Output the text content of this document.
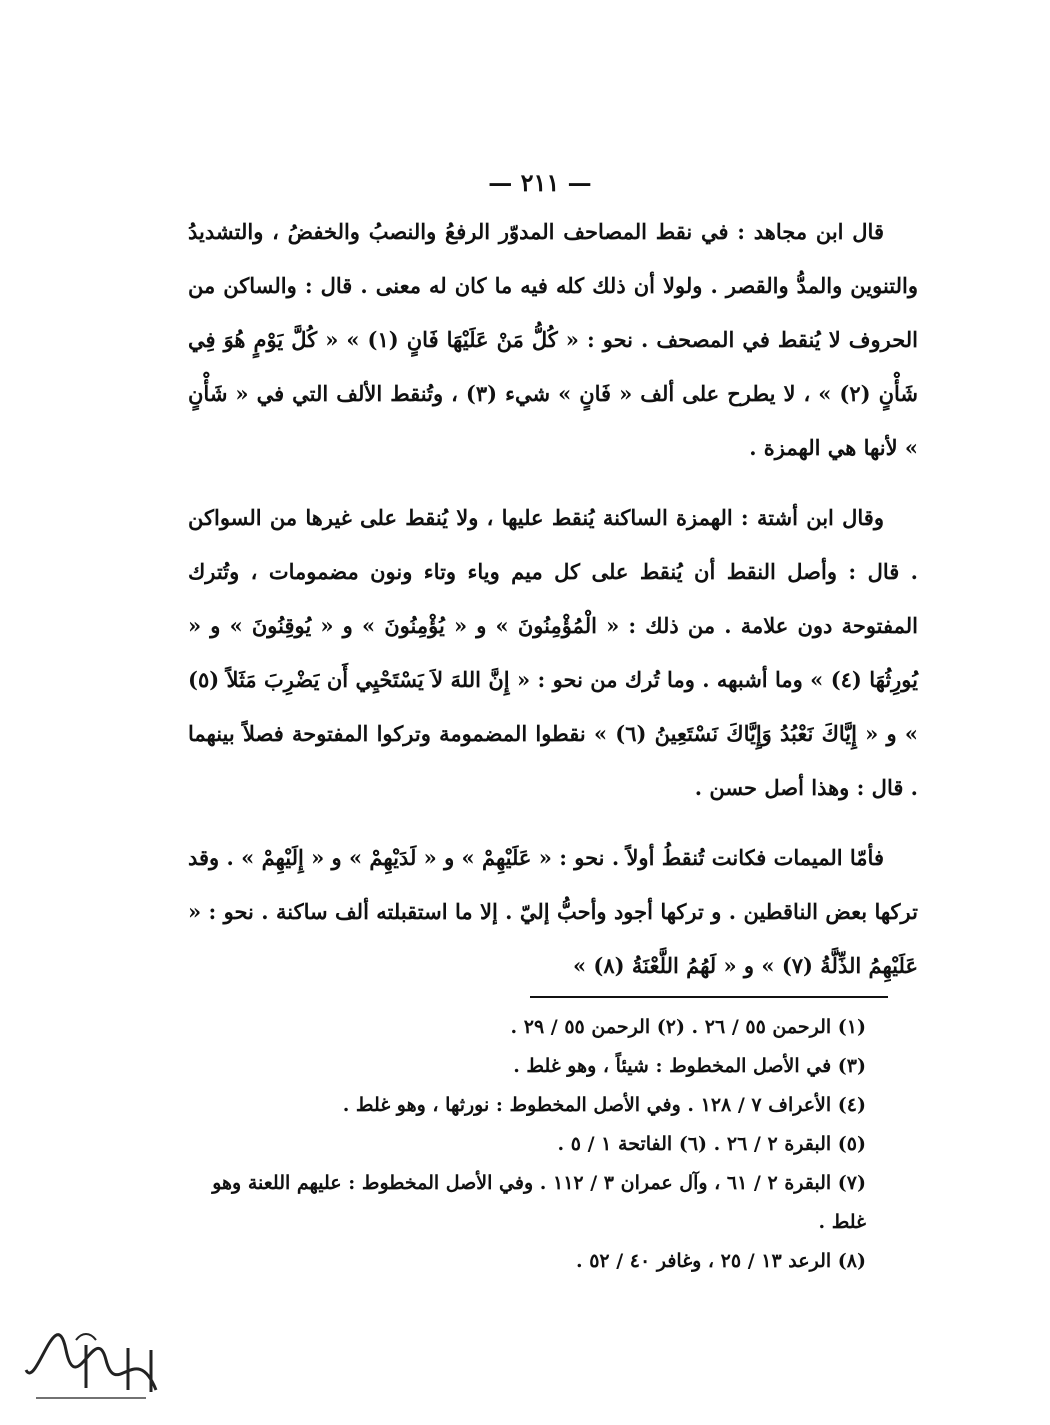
— ٢١١ —

قال ابن مجاهد : في نقط المصاحف المدوّر الرفعُ والنصبُ والخفضُ ، والتشديدُ والتنوين والمدُّ والقصر . ولولا أن ذلك كله فيه ما كان له معنى . قال : والساكن من الحروف لا يُنقط في المصحف . نحو : « كُلُّ مَنْ عَلَيْهَا فَانٍ (١) » « كُلَّ يَوْمٍ هُوَ فِي شَأْنٍ (٢) » ، لا يطرح على ألف « فَانٍ » شيء (٣) ، وتُنقط الألف التي في « شَأْنٍ » لأنها هي الهمزة .

وقال ابن أشتة : الهمزة الساكنة يُنقط عليها ، ولا يُنقط على غيرها من السواكن . قال : وأصل النقط أن يُنقط على كل ميم وياء وتاء ونون مضمومات ، وتُترك المفتوحة دون علامة . من ذلك : « الْمُؤْمِنُونَ » و « يُؤْمِنُونَ » و « يُوقِنُونَ » و « يُورِثُهَا (٤) » وما أشبهه . وما تُرك من نحو : « إِنَّ اللهَ لاَ يَسْتَحْيِي أَن يَضْرِبَ مَثَلاً (٥) » و « إِيَّاكَ نَعْبُدُ وَإِيَّاكَ نَسْتَعِينُ (٦) » نقطوا المضمومة وتركوا المفتوحة فصلاً بينهما . قال : وهذا أصل حسن .

فأمّا الميمات فكانت تُنقطُ أولاً . نحو : « عَلَيْهِمْ » و « لَدَيْهِمْ » و « إِلَيْهِمْ » . وقد تركها بعض الناقطين . و تركها أجود وأحبُّ إليّ . إلا ما استقبلته ألف ساكنة . نحو : « عَلَيْهِمُ الذِّلَّةُ (٧) » و « لَهُمُ اللَّعْنَةُ (٨) »

(١) الرحمن ٥٥ / ٢٦ . (٢) الرحمن ٥٥ / ٢٩ .
(٣) في الأصل المخطوط : شيئاً ، وهو غلط .
(٤) الأعراف ٧ / ١٢٨ . وفي الأصل المخطوط : نورثها ، وهو غلط .
(٥) البقرة ٢ / ٢٦ . (٦) الفاتحة ١ / ٥ .
(٧) البقرة ٢ / ٦١ ، وآل عمران ٣ / ١١٢ . وفي الأصل المخطوط : عليهم اللعنة وهو غلط .
(٨) الرعد ١٣ / ٢٥ ، وغافر ٤٠ / ٥٢ .
